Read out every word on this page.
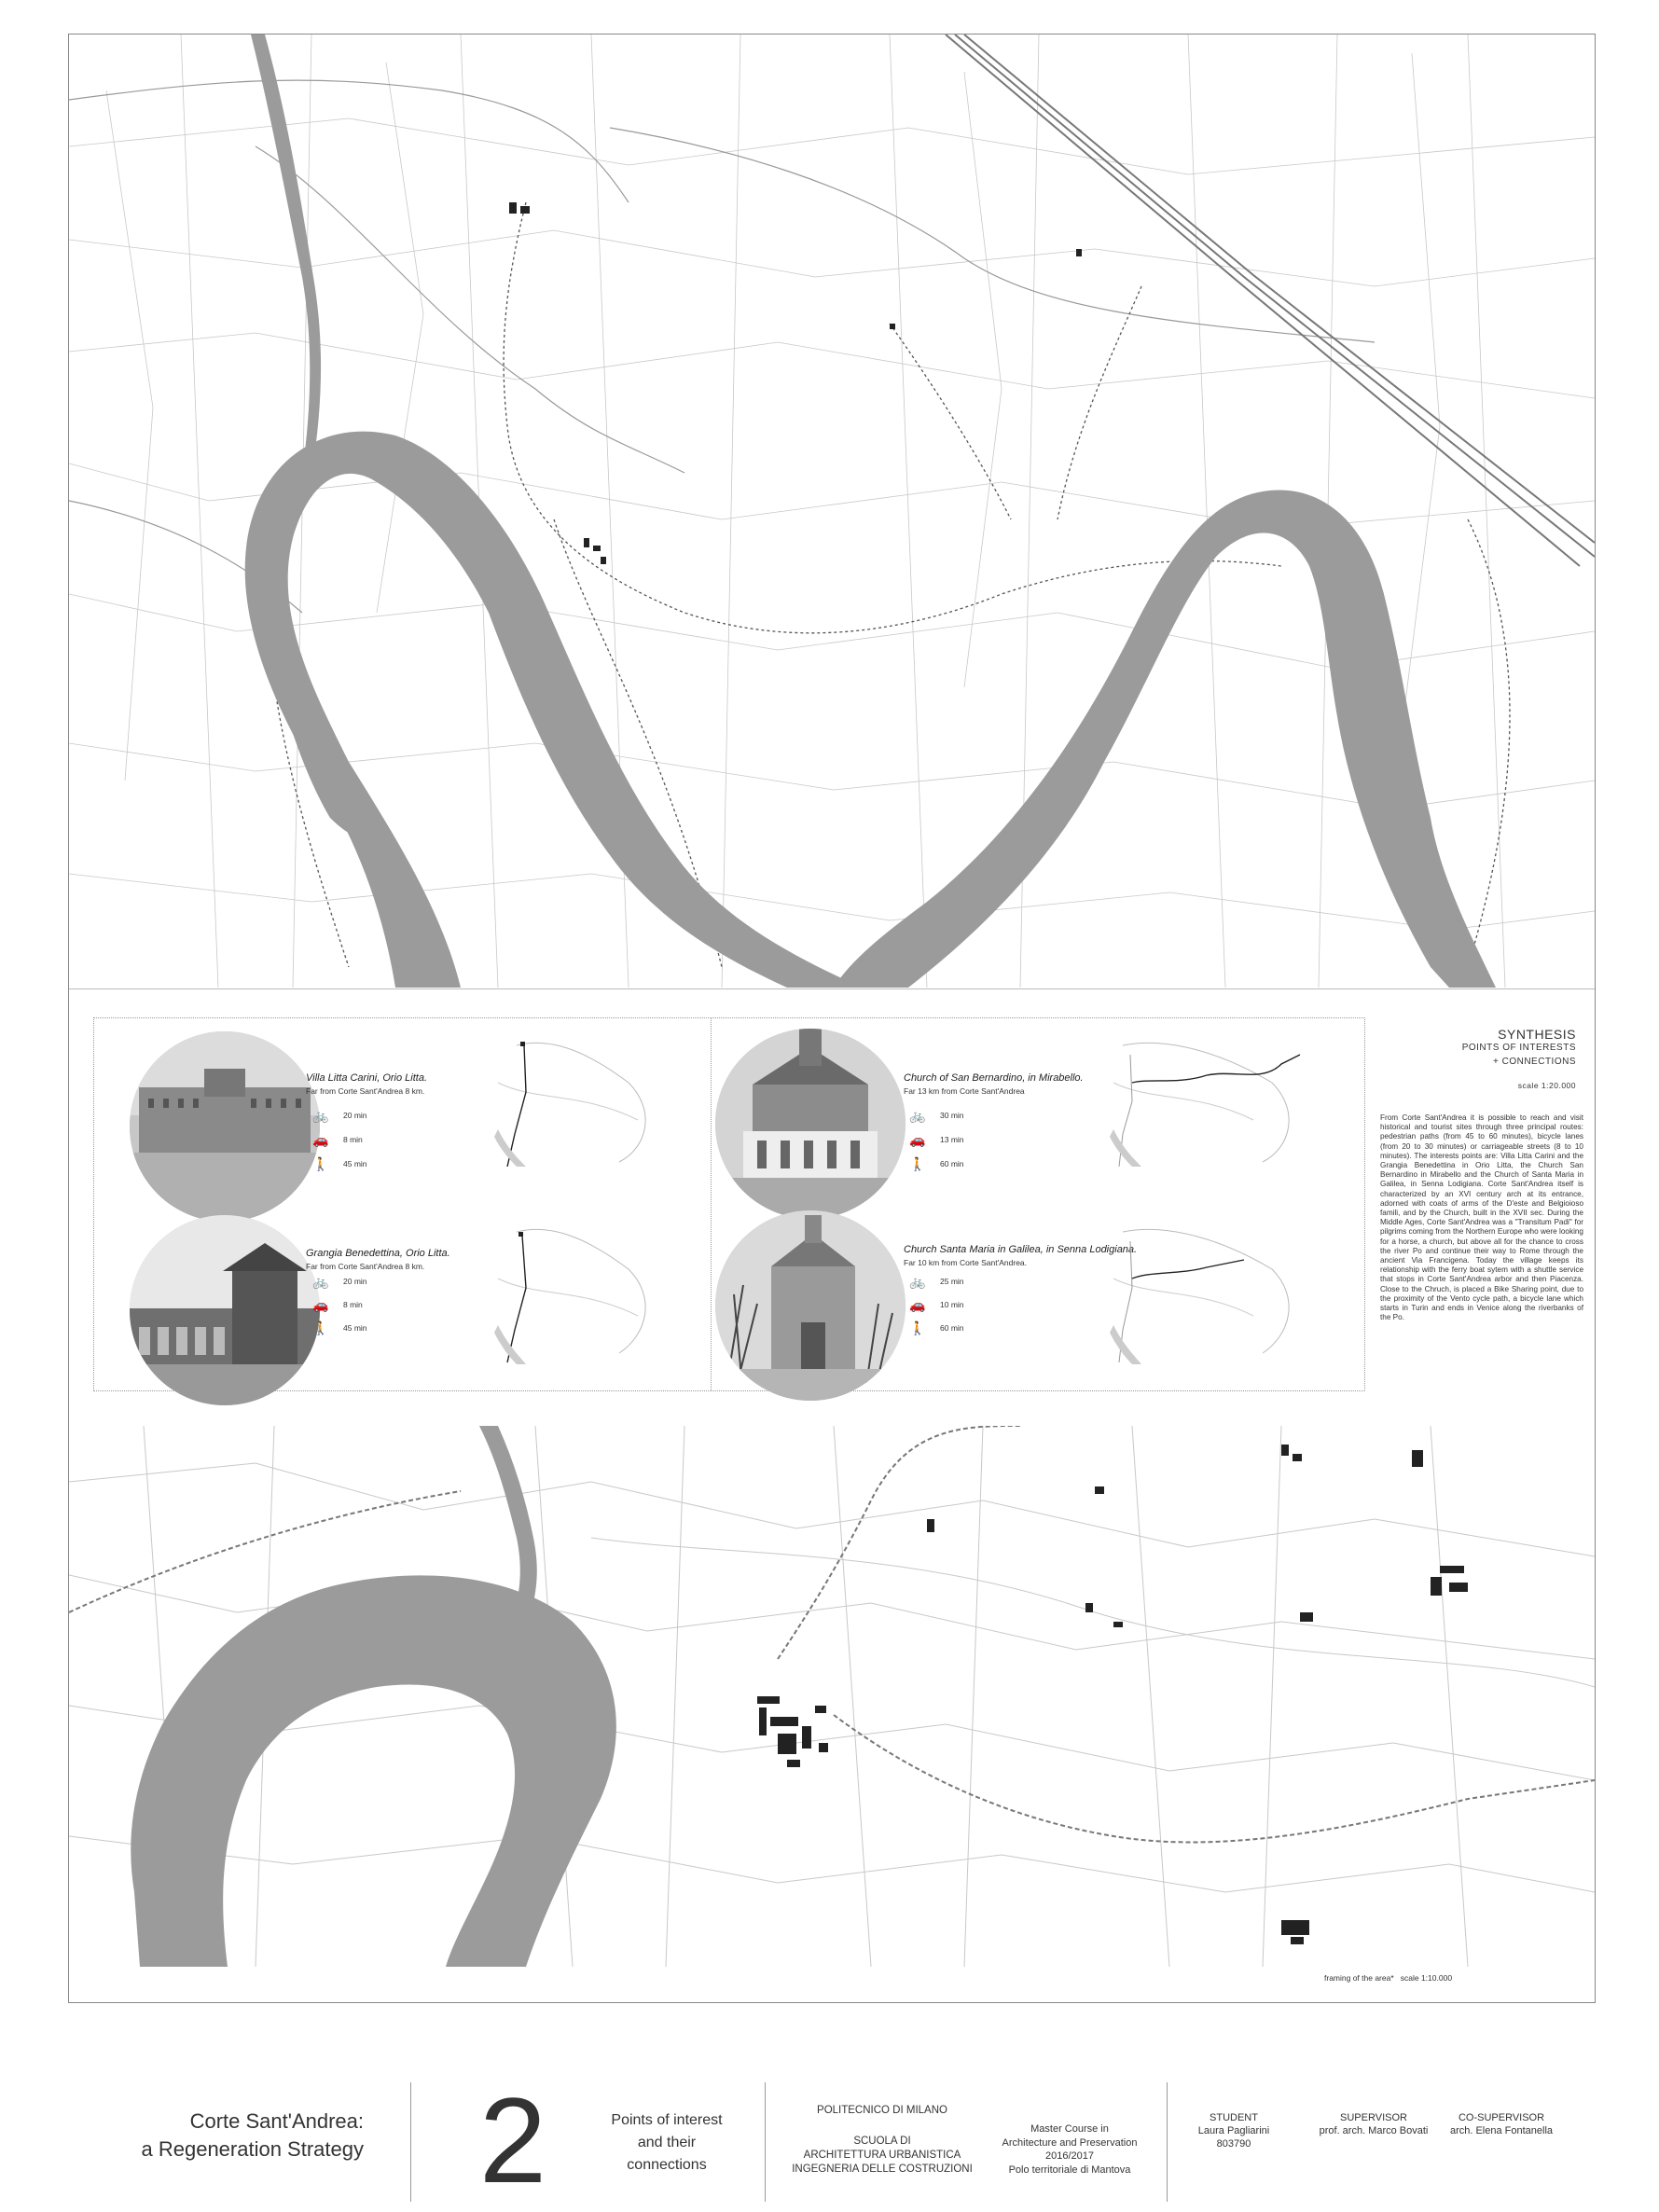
Villa Litta Carini, Orio Litta.
Far from Corte Sant'Andrea 8 km.
🚲 20 min
🚗 8 min
🚶 45 min
Grangia Benedettina, Orio Litta.
Far from Corte Sant'Andrea 8 km.
🚲 20 min
🚗 8 min
🚶 45 min
Church of San Bernardino, in Mirabello.
Far 13 km from Corte Sant'Andrea
🚲 30 min
🚗 13 min
🚶 60 min
Church Santa Maria in Galilea, in Senna Lodigiana.
Far 10 km from Corte Sant'Andrea.
🚲 25 min
🚗 10 min
🚶 60 min
SYNTHESIS
POINTS OF INTERESTS
+ CONNECTIONS
scale 1:20.000
From Corte Sant'Andrea it is possible to reach and visit historical and tourist sites through three principal routes: pedestrian paths (from 45 to 60 minutes), bicycle lanes (from 20 to 30 minutes) or carriageable streets (8 to 10 minutes). The interests points are: Villa Litta Carini and the Grangia Benedettina in Orio Litta, the Church San Bernardino in Mirabello and the Church of Santa Maria in Galilea, in Senna Lodigiana. Corte Sant'Andrea itself is characterized by an XVI century arch at its entrance, adorned with coats of arms of the D'este and Belgioioso famili, and by the Church, built in the XVII sec. During the Middle Ages, Corte Sant'Andrea was a "Transitum Padi" for pilgrims coming from the Northern Europe who were looking for a horse, a church, but above all for the chance to cross the river Po and continue their way to Rome through the ancient Via Francigena. Today the village keeps its relationship with the ferry boat sytem with a shuttle service that stops in Corte Sant'Andrea arbor and then Piacenza. Close to the Chruch, is placed a Bike Sharing point, due to the proximity of the Vento cycle path, a bicycle lane which starts in Turin and ends in Venice along the riverbanks of the Po.
framing of the area* scale 1:10.000
Corte Sant'Andrea:
a Regeneration Strategy 2	Points of interest
and their
connections
POLITECNICO DI MILANO
SCUOLA DI
ARCHITETTURA URBANISTICA
INGEGNERIA DELLE COSTRUZIONI
Master Course in
Architecture and Preservation
2016/2017
Polo territoriale di Mantova
STUDENT
Laura Pagliarini
803790
SUPERVISOR
prof. arch. Marco Bovati
CO-SUPERVISOR
arch. Elena Fontanella
